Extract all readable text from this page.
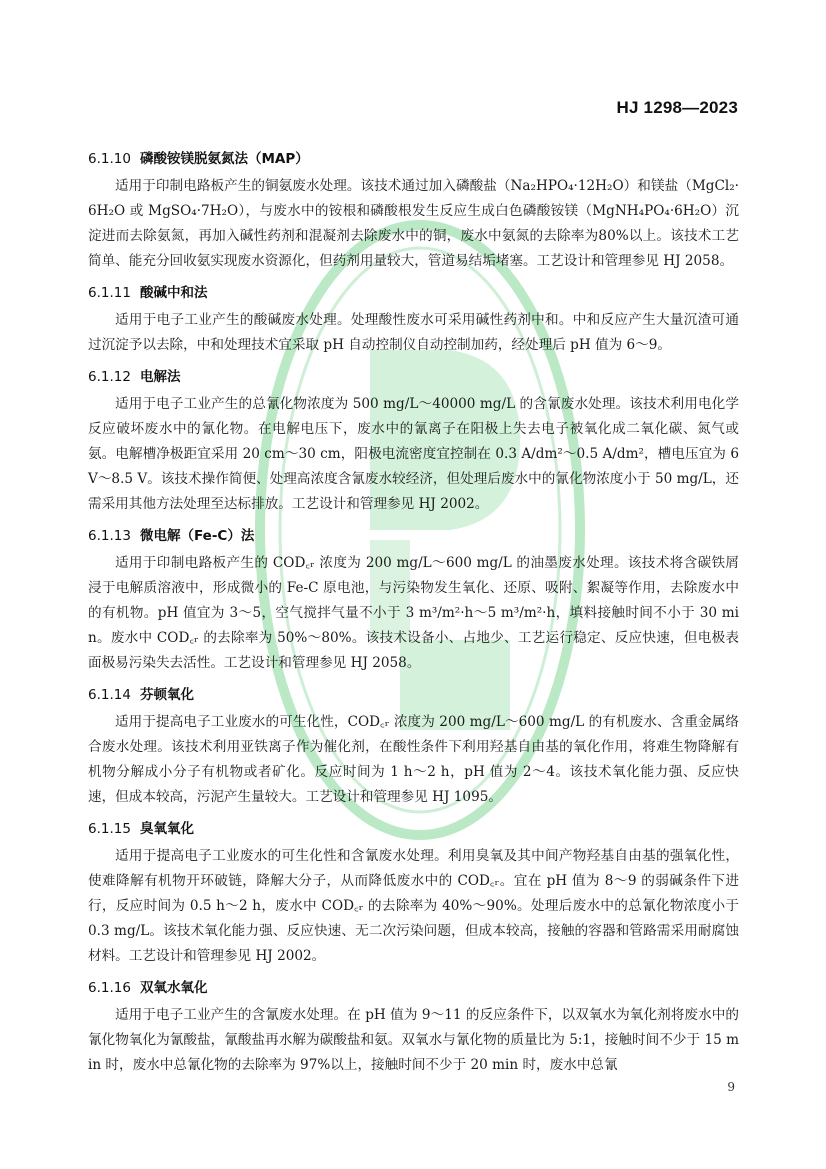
HJ 1298—2023
6.1.10 磷酸铵镁脱氨氮法（MAP）

适用于印制电路板产生的铜氨废水处理。该技术通过加入磷酸盐（Na₂HPO₄·12H₂O）和镁盐（MgCl₂·6H₂O 或 MgSO₄·7H₂O），与废水中的铵根和磷酸根发生反应生成白色磷酸铵镁（MgNH₄PO₄·6H₂O）沉淀进而去除氨氮，再加入碱性药剂和混凝剂去除废水中的铜，废水中氨氮的去除率为80%以上。该技术工艺简单、能充分回收氨实现废水资源化，但药剂用量较大，管道易结垢堵塞。工艺设计和管理参见 HJ 2058。

6.1.11 酸碱中和法

适用于电子工业产生的酸碱废水处理。处理酸性废水可采用碱性药剂中和。中和反应产生大量沉渣可通过沉淀予以去除，中和处理技术宜采取 pH 自动控制仪自动控制加药，经处理后 pH 值为 6～9。

6.1.12 电解法

适用于电子工业产生的总氰化物浓度为 500 mg/L～40000 mg/L 的含氰废水处理。该技术利用电化学反应破坏废水中的氰化物。在电解电压下，废水中的氰离子在阳极上失去电子被氧化成二氧化碳、氮气或氨。电解槽净极距宜采用 20 cm～30 cm，阳极电流密度宜控制在 0.3 A/dm²～0.5 A/dm²，槽电压宜为 6 V～8.5 V。该技术操作简便、处理高浓度含氰废水较经济，但处理后废水中的氰化物浓度小于 50 mg/L，还需采用其他方法处理至达标排放。工艺设计和管理参见 HJ 2002。

6.1.13 微电解（Fe-C）法

适用于印制电路板产生的 COD꜀ᵣ 浓度为 200 mg/L～600 mg/L 的油墨废水处理。该技术将含碳铁屑浸于电解质溶液中，形成微小的 Fe-C 原电池，与污染物发生氧化、还原、吸附、絮凝等作用，去除废水中的有机物。pH 值宜为 3～5，空气搅拌气量不小于 3 m³/m²·h～5 m³/m²·h，填料接触时间不小于 30 min。废水中 COD꜀ᵣ 的去除率为 50%～80%。该技术设备小、占地少、工艺运行稳定、反应快速，但电极表面极易污染失去活性。工艺设计和管理参见 HJ 2058。

6.1.14 芬顿氧化

适用于提高电子工业废水的可生化性，COD꜀ᵣ 浓度为 200 mg/L～600 mg/L 的有机废水、含重金属络合废水处理。该技术利用亚铁离子作为催化剂，在酸性条件下利用羟基自由基的氧化作用，将难生物降解有机物分解成小分子有机物或者矿化。反应时间为 1 h～2 h，pH 值为 2～4。该技术氧化能力强、反应快速，但成本较高，污泥产生量较大。工艺设计和管理参见 HJ 1095。

6.1.15 臭氧氧化

适用于提高电子工业废水的可生化性和含氰废水处理。利用臭氧及其中间产物羟基自由基的强氧化性，使难降解有机物开环破链，降解大分子，从而降低废水中的 COD꜀ᵣ。宜在 pH 值为 8～9 的弱碱条件下进行，反应时间为 0.5 h～2 h，废水中 COD꜀ᵣ 的去除率为 40%～90%。处理后废水中的总氰化物浓度小于 0.3 mg/L。该技术氧化能力强、反应快速、无二次污染问题，但成本较高，接触的容器和管路需采用耐腐蚀材料。工艺设计和管理参见 HJ 2002。

6.1.16 双氧水氧化

适用于电子工业产生的含氰废水处理。在 pH 值为 9～11 的反应条件下，以双氧水为氧化剂将废水中的氰化物氧化为氰酸盐，氰酸盐再水解为碳酸盐和氨。双氧水与氰化物的质量比为 5:1，接触时间不少于 15 min 时，废水中总氰化物的去除率为 97%以上，接触时间不少于 20 min 时，废水中总氰

9
